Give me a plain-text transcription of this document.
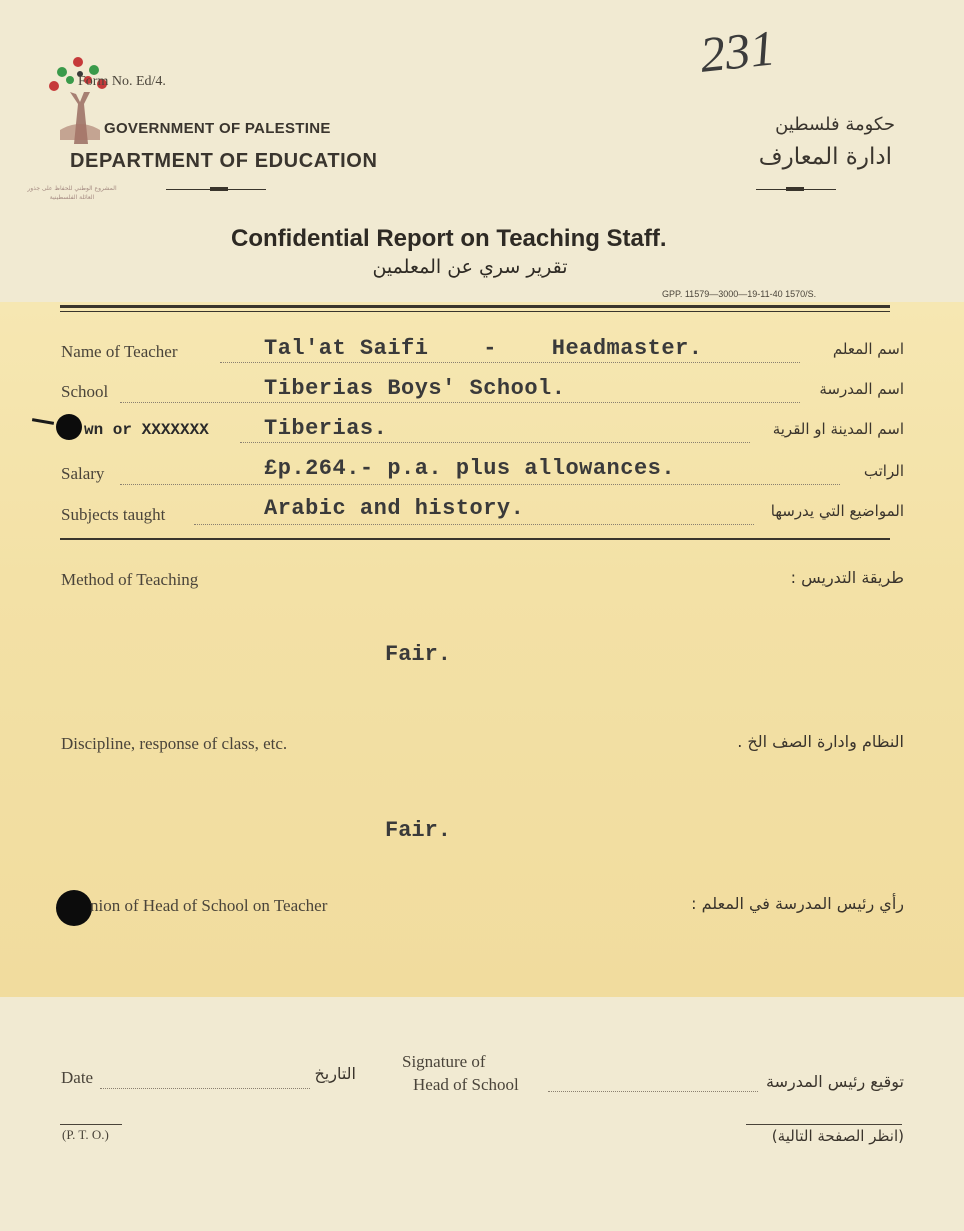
231
Form No. Ed/4.
GOVERNMENT OF PALESTINE
DEPARTMENT OF EDUCATION
المشروع الوطني للحفاظ على جذور العائلة الفلسطينية
حكومة فلسطين
ادارة المعارف
Confidential Report on Teaching Staff.
تقرير سري عن المعلمين
GPP. 11579—3000—19-11-40 1570/S.
Name of Teacher	Tal'at Saifi    -    Headmaster.	اسم المعلم
School	Tiberias Boys' School.	اسم المدرسة
wn or XXXXXXX	Tiberias.	اسم المدينة او القرية
Salary	£p.264.- p.a. plus allowances.	الراتب
Subjects taught	Arabic and history.	المواضيع التي يدرسها
Method of Teaching	طريقة التدريس :
Fair.
Discipline, response of class, etc.	النظام وادارة الصف الخ .
Fair.
nion of Head of School on Teacher	رأي رئيس المدرسة في المعلم :
Date	التاريخ
Signature of
Head of School	توقيع رئيس المدرسة
(P. T. O.)	(انظر الصفحة التالية)
